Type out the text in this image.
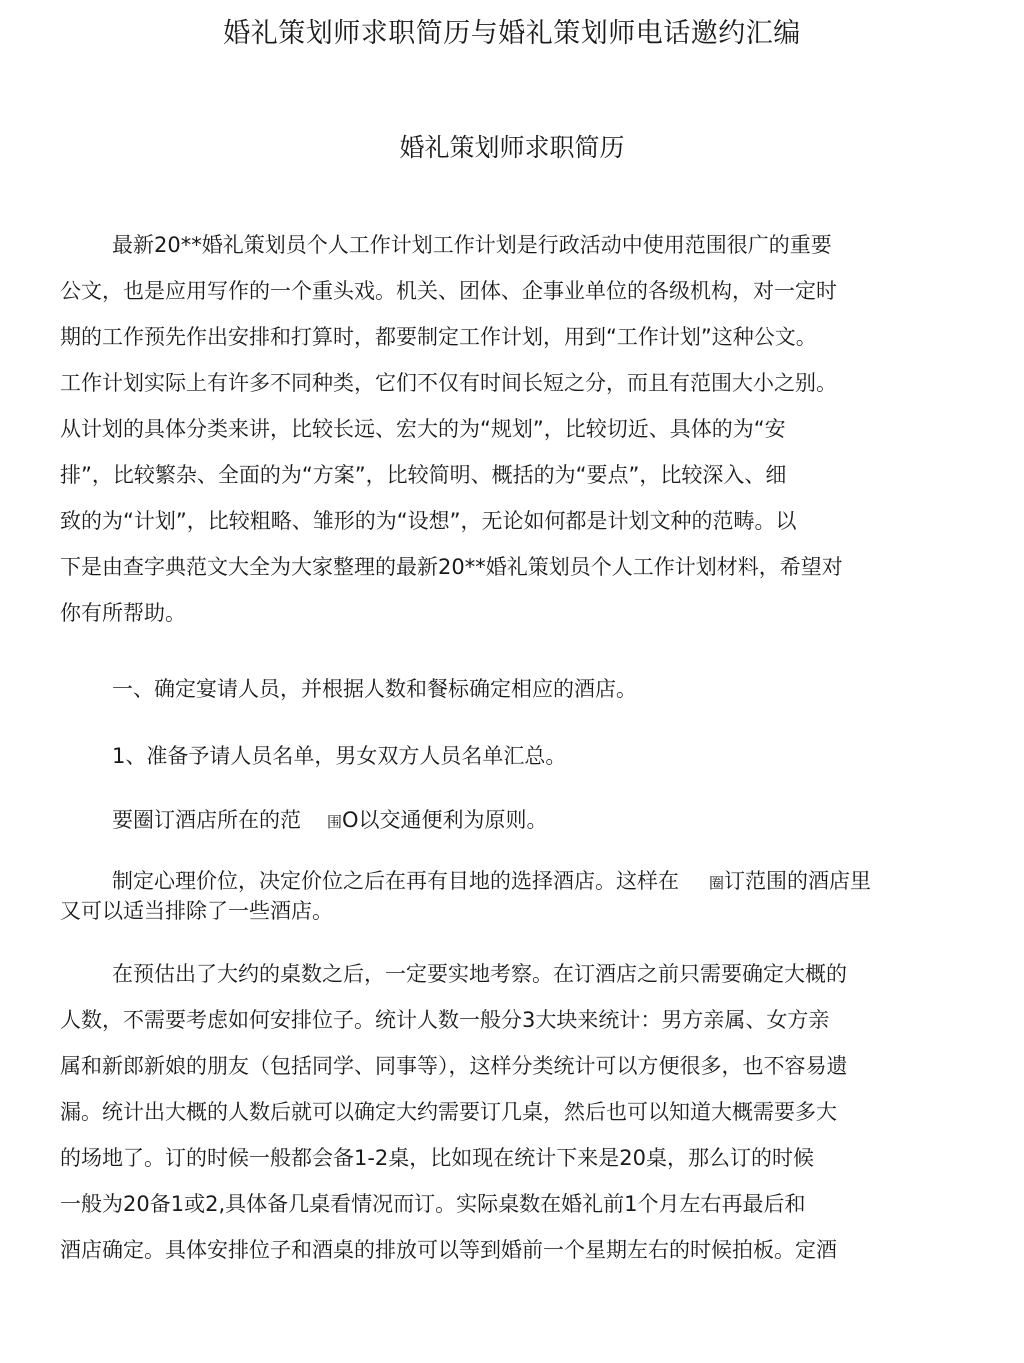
婚礼策划师求职简历与婚礼策划师电话邀约汇编
婚礼策划师求职简历
最新20**婚礼策划员个人工作计划工作计划是行政活动中使用范围很广的重要
公文，也是应用写作的一个重头戏。机关、团体、企事业单位的各级机构，对一定时
期的工作预先作出安排和打算时，都要制定工作计划，用到“工作计划”这种公文。
工作计划实际上有许多不同种类，它们不仅有时间长短之分，而且有范围大小之别。
从计划的具体分类来讲，比较长远、宏大的为“规划”，比较切近、具体的为“安
排”，比较繁杂、全面的为“方案”，比较简明、概括的为“要点”，比较深入、细
致的为“计划”，比较粗略、雏形的为“设想”，无论如何都是计划文种的范畴。以
下是由查字典范文大全为大家整理的最新20**婚礼策划员个人工作计划材料，希望对
你有所帮助。
一、确定宴请人员，并根据人数和餐标确定相应的酒店。
1、准备予请人员名单，男女双方人员名单汇总。
要圈订酒店所在的范 围O以交通便利为原则。
制定心理价位，决定价位之后在再有目地的选择酒店。这样在 圈订范围的酒店里
又可以适当排除了一些酒店。
在预估出了大约的桌数之后，一定要实地考察。在订酒店之前只需要确定大概的
人数，不需要考虑如何安排位子。统计人数一般分3大块来统计：男方亲属、女方亲
属和新郎新娘的朋友（包括同学、同事等），这样分类统计可以方便很多，也不容易遗
漏。统计出大概的人数后就可以确定大约需要订几桌，然后也可以知道大概需要多大
的场地了。订的时候一般都会备1-2桌，比如现在统计下来是20桌，那么订的时候
一般为20备1或2,具体备几桌看情况而订。实际桌数在婚礼前1个月左右再最后和
酒店确定。具体安排位子和酒桌的排放可以等到婚前一个星期左右的时候拍板。定酒
